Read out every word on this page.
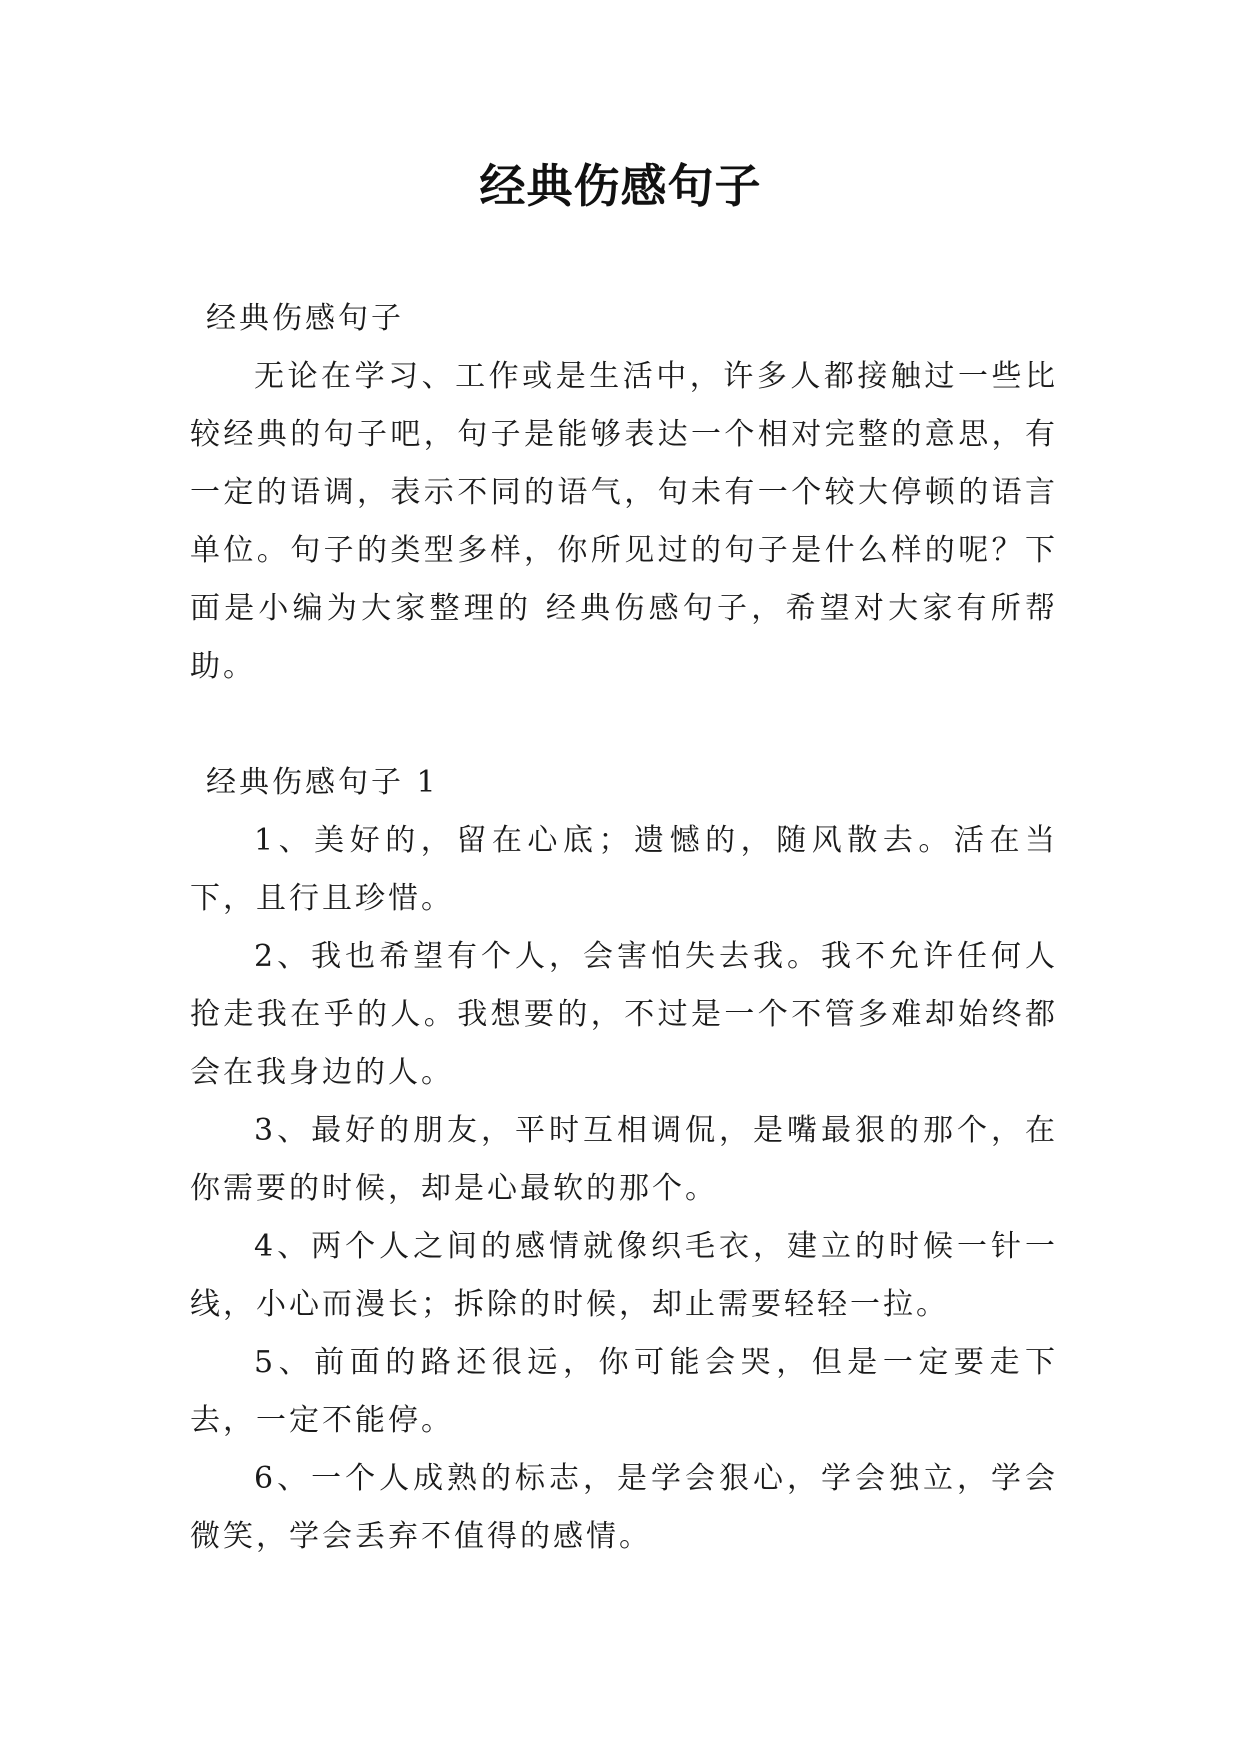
经典伤感句子

经典伤感句子

无论在学习、工作或是生活中，许多人都接触过一些比较经典的句子吧，句子是能够表达一个相对完整的意思，有一定的语调，表示不同的语气，句未有一个较大停顿的语言单位。句子的类型多样，你所见过的句子是什么样的呢？下面是小编为大家整理的 经典伤感句子，希望对大家有所帮助。

经典伤感句子 1

1、美好的，留在心底；遗憾的，随风散去。活在当下，且行且珍惜。

2、我也希望有个人，会害怕失去我。我不允许任何人抢走我在乎的人。我想要的，不过是一个不管多难却始终都会在我身边的人。

3、最好的朋友，平时互相调侃，是嘴最狠的那个，在你需要的时候，却是心最软的那个。

4、两个人之间的感情就像织毛衣，建立的时候一针一线，小心而漫长；拆除的时候，却止需要轻轻一拉。

5、前面的路还很远，你可能会哭，但是一定要走下去，一定不能停。

6、一个人成熟的标志，是学会狠心，学会独立，学会微笑，学会丢弃不值得的感情。
